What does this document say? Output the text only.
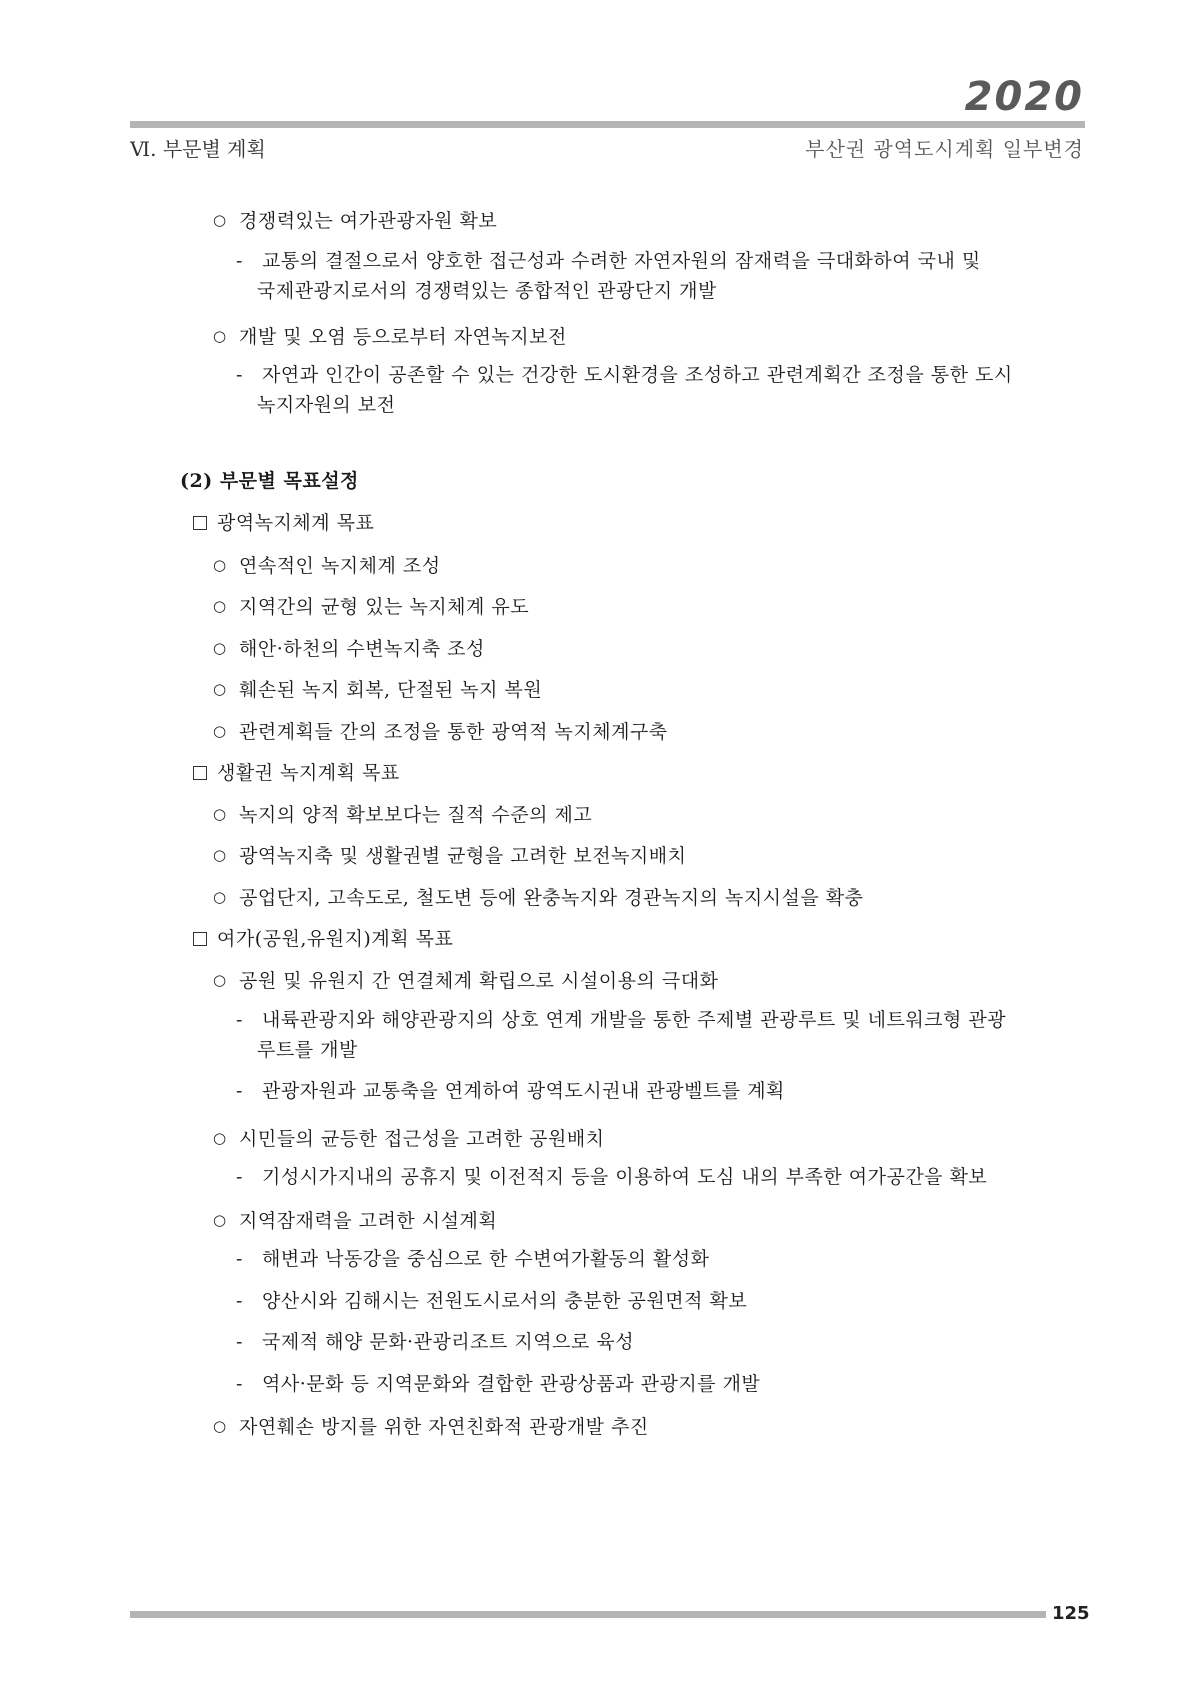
2020
Ⅵ. 부문별 계획	부산권 광역도시계획 일부변경
○ 경쟁력있는 여가관광자원 확보
- 교통의 결절으로서 양호한 접근성과 수려한 자연자원의 잠재력을 극대화하여 국내 및
국제관광지로서의 경쟁력있는 종합적인 관광단지 개발
○ 개발 및 오염 등으로부터 자연녹지보전
- 자연과 인간이 공존할 수 있는 건강한 도시환경을 조성하고 관련계획간 조정을 통한 도시
녹지자원의 보전
(2) 부문별 목표설정
광역녹지체계 목표
○ 연속적인 녹지체계 조성
○ 지역간의 균형 있는 녹지체계 유도
○ 해안·하천의 수변녹지축 조성
○ 훼손된 녹지 회복, 단절된 녹지 복원
○ 관련계획들 간의 조정을 통한 광역적 녹지체계구축
생활권 녹지계획 목표
○ 녹지의 양적 확보보다는 질적 수준의 제고
○ 광역녹지축 및 생활권별 균형을 고려한 보전녹지배치
○ 공업단지, 고속도로, 철도변 등에 완충녹지와 경관녹지의 녹지시설을 확충
여가(공원,유원지)계획 목표
○ 공원 및 유원지 간 연결체계 확립으로 시설이용의 극대화
- 내륙관광지와 해양관광지의 상호 연계 개발을 통한 주제별 관광루트 및 네트워크형 관광
루트를 개발
- 관광자원과 교통축을 연계하여 광역도시권내 관광벨트를 계획
○ 시민들의 균등한 접근성을 고려한 공원배치
- 기성시가지내의 공휴지 및 이전적지 등을 이용하여 도심 내의 부족한 여가공간을 확보
○ 지역잠재력을 고려한 시설계획
- 해변과 낙동강을 중심으로 한 수변여가활동의 활성화
- 양산시와 김해시는 전원도시로서의 충분한 공원면적 확보
- 국제적 해양 문화·관광리조트 지역으로 육성
- 역사·문화 등 지역문화와 결합한 관광상품과 관광지를 개발
○ 자연훼손 방지를 위한 자연친화적 관광개발 추진
125
